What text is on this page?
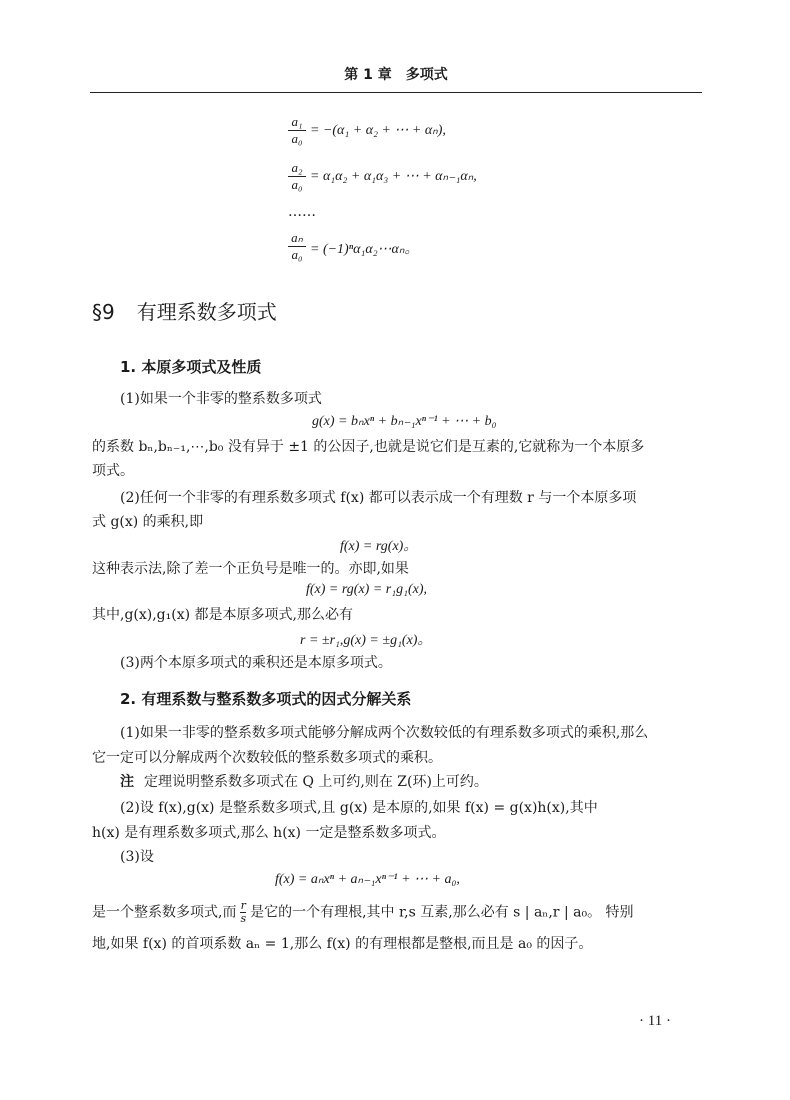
第 1 章　多项式
$\frac{\text{a₁}}{\text{a₀}} = -(\alpha_1 + \alpha_2$ + ⋯ + αₙ),
$\frac{\text{a₂}}{\text{a₀}} = \alpha_1\alpha_2 + \alpha_1\alpha_3$ + ⋯ + αₙ₋₁αₙ,
……
$\frac{\text{aₙ}}{\text{a₀}}$ = (−1)ⁿα₁α₂⋯αₙ。
§9 有理系数多项式
1. 本原多项式及性质
(1)如果一个非零的整系数多项式
g(x) = bₙxⁿ + bₙ₋₁xⁿ⁻¹ + ⋯ + b₀
的系数 bₙ,bₙ₋₁,⋯,b₀ 没有异于 ±1 的公因子,也就是说它们是互素的,它就称为一个本原多
项式。
(2)任何一个非零的有理系数多项式 f(x) 都可以表示成一个有理数 r 与一个本原多项
式 g(x) 的乘积,即
f(x) = rg(x)。
这种表示法,除了差一个正负号是唯一的。亦即,如果
f(x) = rg(x) = r₁g₁(x),
其中,g(x),g₁(x) 都是本原多项式,那么必有
r = ±r₁,g(x) = ±g₁(x)。
(3)两个本原多项式的乘积还是本原多项式。
2. 有理系数与整系数多项式的因式分解关系
(1)如果一非零的整系数多项式能够分解成两个次数较低的有理系数多项式的乘积,那么
它一定可以分解成两个次数较低的整系数多项式的乘积。
注 定理说明整系数多项式在 Q 上可约,则在 Z(环)上可约。
(2)设 f(x),g(x) 是整系数多项式,且 g(x) 是本原的,如果 f(x) = g(x)h(x),其中
h(x) 是有理系数多项式,那么 h(x) 一定是整系数多项式。
(3)设
f(x) = aₙxⁿ + aₙ₋₁xⁿ⁻¹ + ⋯ + a₀,
是一个整系数多项式,而 $\frac{r}{s}$ 是它的一个有理根,其中 r,s 互素,那么必有 s | aₙ,r | a₀。 特别
地,如果 f(x) 的首项系数 aₙ = 1,那么 f(x) 的有理根都是整根,而且是 a₀ 的因子。
· 11 ·
